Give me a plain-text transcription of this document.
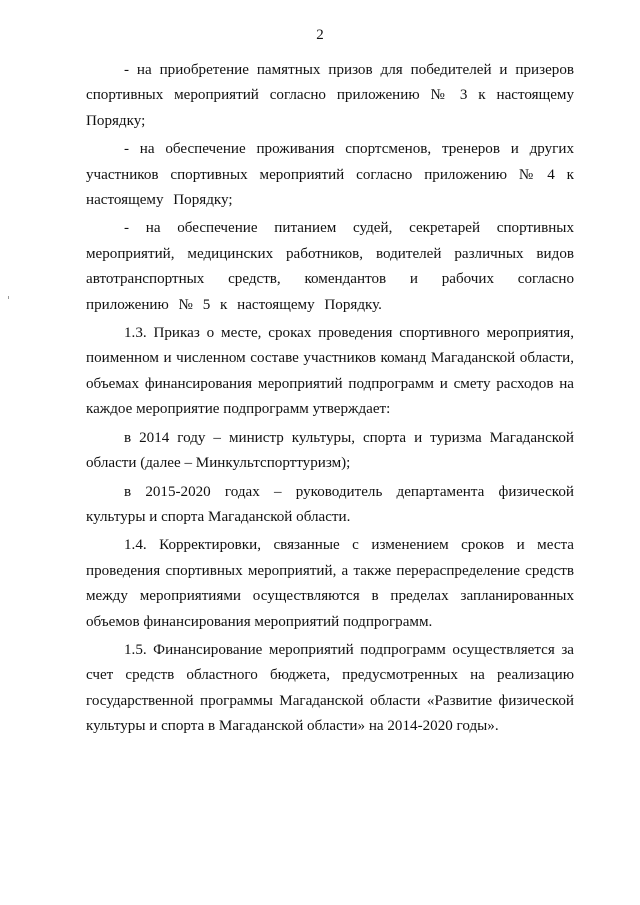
2

- на приобретение памятных призов для победителей и призеров спортивных мероприятий согласно приложению № 3 к настоящему Порядку;

- на обеспечение проживания спортсменов, тренеров и других участников спортивных мероприятий согласно приложению № 4 к настоящему Порядку;

- на обеспечение питанием судей, секретарей спортивных мероприятий, медицинских работников, водителей различных видов автотранспортных средств, комендантов и рабочих согласно приложению № 5 к настоящему Порядку.

1.3. Приказ о месте, сроках проведения спортивного мероприятия, поименном и численном составе участников команд Магаданской области, объемах финансирования мероприятий подпрограмм и смету расходов на каждое мероприятие подпрограмм утверждает:

в 2014 году – министр культуры, спорта и туризма Магаданской области (далее – Минкультспорттуризм);

в 2015-2020 годах – руководитель департамента физической культуры и спорта Магаданской области.

1.4. Корректировки, связанные с изменением сроков и места проведения спортивных мероприятий, а также перераспределение средств между мероприятиями осуществляются в пределах запланированных объемов финансирования мероприятий подпрограмм.

1.5. Финансирование мероприятий подпрограмм осуществляется за счет средств областного бюджета, предусмотренных на реализацию государственной программы Магаданской области «Развитие физической культуры и спорта в Магаданской области» на 2014-2020 годы».
